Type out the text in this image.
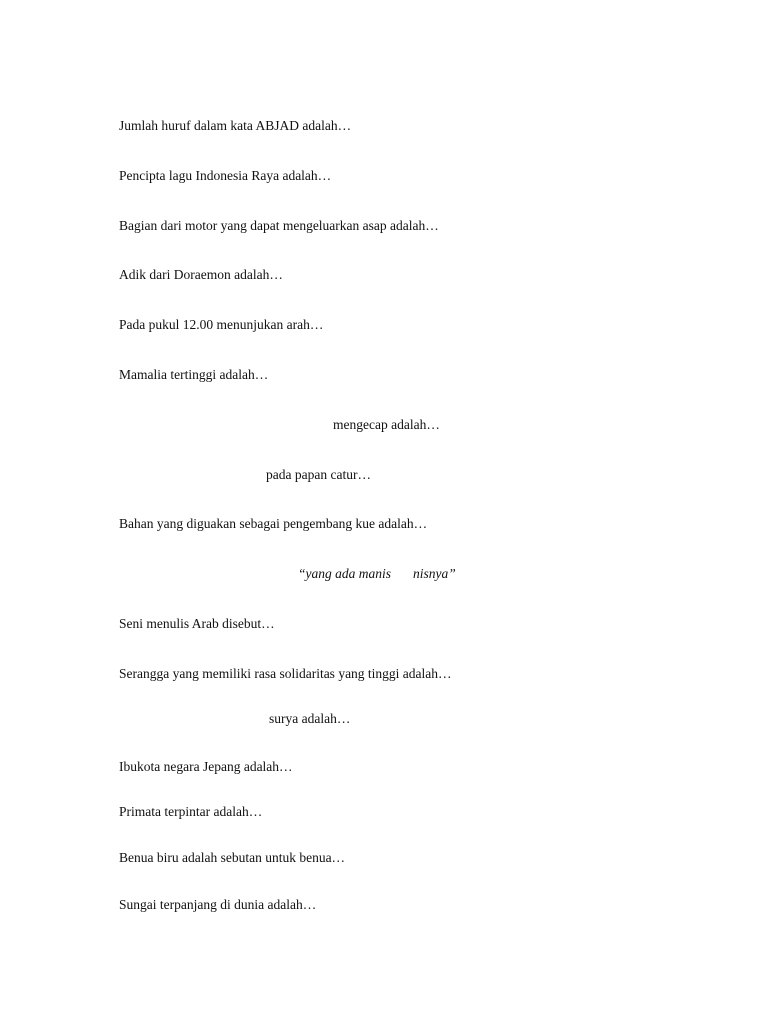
Jumlah huruf dalam kata ABJAD adalah…
Pencipta lagu Indonesia Raya adalah…
Bagian dari motor yang dapat mengeluarkan asap adalah…
Adik dari Doraemon adalah…
Pada pukul 12.00 menunjukan arah…
Mamalia tertinggi adalah…
mengecap adalah…
pada papan catur…
Bahan yang diguakan sebagai pengembang kue adalah…
“yang ada manis nisnya”
Seni menulis Arab disebut…
Serangga yang memiliki rasa solidaritas yang tinggi adalah…
surya adalah…
Ibukota negara Jepang adalah…
Primata terpintar adalah…
Benua biru adalah sebutan untuk benua…
Sungai terpanjang di dunia adalah…
